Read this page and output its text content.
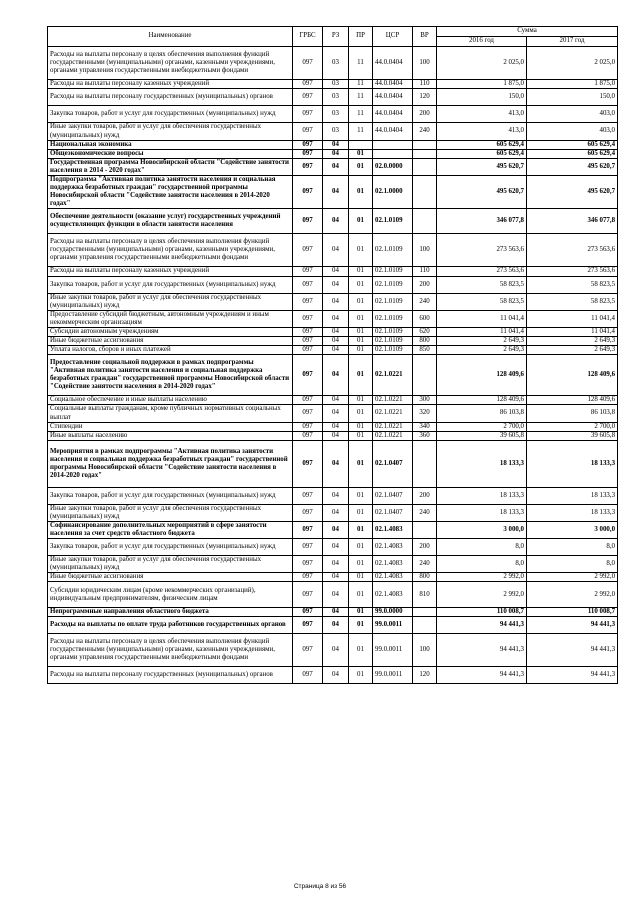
Наименование	ГРБС	РЗ	ПР	ЦСР	ВР	Сумма	
						2016 год	2017 год
Расходы на выплаты персоналу в целях обеспечения выполнения функций государственными (муниципальными) органами, казенными учреждениями, органами управления государственными внебюджетными фондами	097	03	11	44.0.0404	100	2 025,0	2 025,0
Расходы на выплаты персоналу казенных учреждений	097	03	11	44.0.0404	110	1 875,0	1 875,0
Расходы на выплаты персоналу государственных (муниципальных) органов	097	03	11	44.0.0404	120	150,0	150,0
Закупка товаров, работ и услуг для государственных (муниципальных) нужд	097	03	11	44.0.0404	200	413,0	403,0
Иные закупки товаров, работ и услуг для обеспечения государственных (муниципальных) нужд	097	03	11	44.0.0404	240	413,0	403,0
Национальная экономика	097	04				605 629,4	605 629,4
Общеэкономические вопросы	097	04	01			605 629,4	605 629,4
Государственная программа Новосибирской области "Содействие занятости населения в 2014 - 2020 годах"	097	04	01	02.0.0000		495 620,7	495 620,7
Подпрограмма "Активная политика занятости населения и социальная поддержка безработных граждан" государственной программы Новосибирской области "Содействие занятости населения в 2014-2020 годах"	097	04	01	02.1.0000		495 620,7	495 620,7
Обеспечение деятельности (оказание услуг) государственных учреждений осуществляющих функции в области занятости населения	097	04	01	02.1.0109		346 077,8	346 077,8
Расходы на выплаты персоналу в целях обеспечения выполнения функций государственными (муниципальными) органами, казенными учреждениями, органами управления государственными внебюджетными фондами	097	04	01	02.1.0109	100	273 563,6	273 563,6
Расходы на выплаты персоналу казенных учреждений	097	04	01	02.1.0109	110	273 563,6	273 563,6
Закупка товаров, работ и услуг для государственных (муниципальных) нужд	097	04	01	02.1.0109	200	58 823,5	58 823,5
Иные закупки товаров, работ и услуг для обеспечения государственных (муниципальных) нужд	097	04	01	02.1.0109	240	58 823,5	58 823,5
Предоставление субсидий бюджетным, автономным учреждениям и иным некоммерческим организациям	097	04	01	02.1.0109	600	11 041,4	11 041,4
Субсидии автономным учреждениям	097	04	01	02.1.0109	620	11 041,4	11 041,4
Иные бюджетные ассигнования	097	04	01	02.1.0109	800	2 649,3	2 649,3
Уплата налогов, сборов и иных платежей	097	04	01	02.1.0109	850	2 649,3	2 649,3
Предоставление социальной поддержки в рамках подпрограммы "Активная политика занятости населения и социальная поддержка безработных граждан" государственной программы Новосибирской области "Содействие занятости населения в 2014-2020 годах"	097	04	01	02.1.0221		128 409,6	128 409,6
Социальное обеспечение и иные выплаты населению	097	04	01	02.1.0221	300	128 409,6	128 409,6
Социальные выплаты гражданам, кроме публичных нормативных социальных выплат	097	04	01	02.1.0221	320	86 103,8	86 103,8
Стипендии	097	04	01	02.1.0221	340	2 700,0	2 700,0
Иные выплаты населению	097	04	01	02.1.0221	360	39 605,8	39 605,8
Мероприятия в рамках подпрограммы "Активная политика занятости населения и социальная поддержка безработных граждан" государственной программы Новосибирской области "Содействие занятости населения в 2014-2020 годах"	097	04	01	02.1.0407		18 133,3	18 133,3
Закупка товаров, работ и услуг для государственных (муниципальных) нужд	097	04	01	02.1.0407	200	18 133,3	18 133,3
Иные закупки товаров, работ и услуг для обеспечения государственных (муниципальных) нужд	097	04	01	02.1.0407	240	18 133,3	18 133,3
Софинансирование дополнительных мероприятий в сфере занятости населения за счет средств областного бюджета	097	04	01	02.1.4083		3 000,0	3 000,0
Закупка товаров, работ и услуг для государственных (муниципальных) нужд	097	04	01	02.1.4083	200	8,0	8,0
Иные закупки товаров, работ и услуг для обеспечения государственных (муниципальных) нужд	097	04	01	02.1.4083	240	8,0	8,0
Иные бюджетные ассигнования	097	04	01	02.1.4083	800	2 992,0	2 992,0
Субсидии юридическим лицам (кроме некоммерческих организаций), индивидуальным предпринимателям, физическим лицам	097	04	01	02.1.4083	810	2 992,0	2 992,0
Непрограммные направления областного бюджета	097	04	01	99.0.0000		110 008,7	110 008,7
Расходы на выплаты по оплате труда работников государственных органов	097	04	01	99.0.0011		94 441,3	94 441,3
Расходы на выплаты персоналу в целях обеспечения выполнения функций государственными (муниципальными) органами, казенными учреждениями, органами управления государственными внебюджетными фондами	097	04	01	99.0.0011	100	94 441,3	94 441,3
Расходы на выплаты персоналу государственных (муниципальных) органов	097	04	01	99.0.0011	120	94 441,3	94 441,3
Страница 8 из 56
